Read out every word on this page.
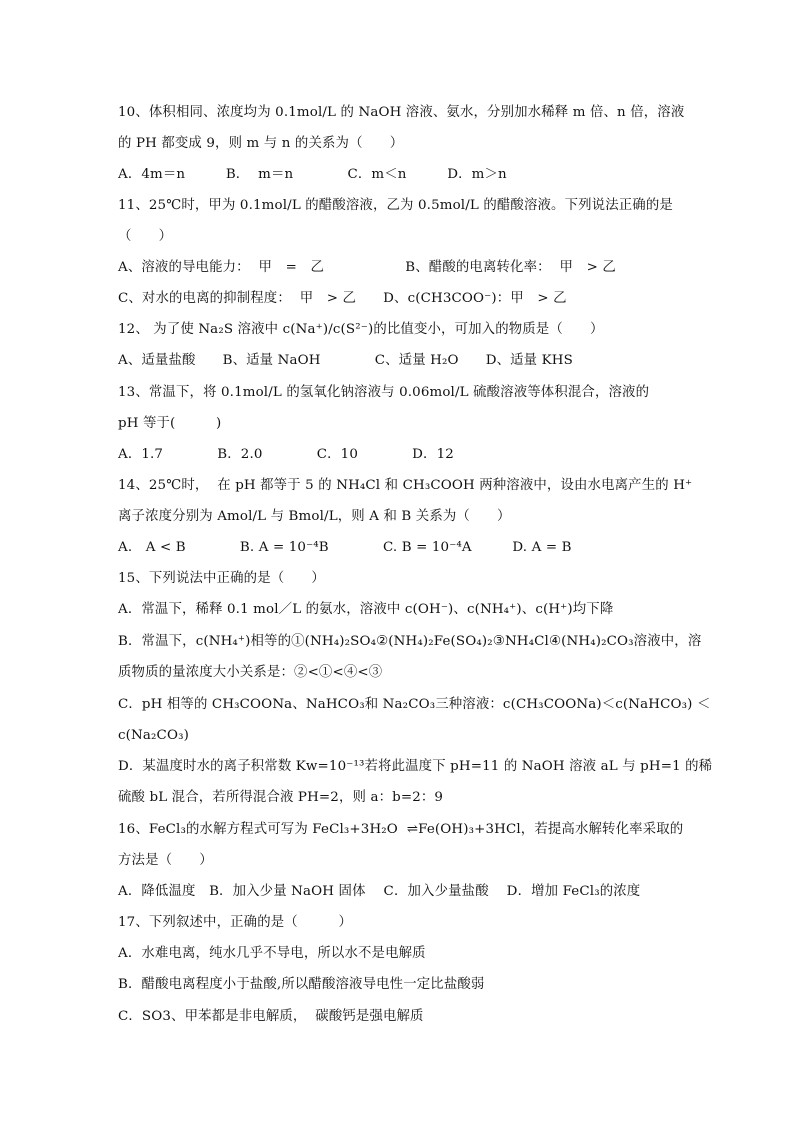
10、体积相同、浓度均为 0.1mol/L 的 NaOH 溶液、氨水，分别加水稀释 m 倍、n 倍，溶液
的 PH 都变成 9，则 m 与 n 的关系为（　　）
A．4m＝n　　　B．  m＝n　　　　C．m＜n　　　D．m＞n
11、25℃时，甲为 0.1mol/L 的醋酸溶液，乙为 0.5mol/L 的醋酸溶液。下列说法正确的是
（　　）
A、溶液的导电能力：  甲　=　乙　　　　　　B、醋酸的电离转化率：  甲　> 乙
C、对水的电离的抑制程度：  甲　> 乙　　D、c(CH3COO⁻)：甲　> 乙
12、 为了使 Na₂S 溶液中 c(Na⁺)/c(S²⁻)的比值变小，可加入的物质是（　　）
A、适量盐酸　　B、适量 NaOH　　　　C、适量 H₂O　　D、适量 KHS
13、常温下，将 0.1mol/L 的氢氧化钠溶液与 0.06mol/L 硫酸溶液等体积混合，溶液的
pH 等于(　　　)
A．1.7　　　　B．2.0　　　　C．10　　　　D．12
14、25℃时，  在 pH 都等于 5 的 NH₄Cl 和 CH₃COOH 两种溶液中，设由水电离产生的 H⁺
离子浓度分别为 Amol/L 与 Bmol/L，则 A 和 B 关系为（　　）
A.　A < B　　　　B. A = 10⁻⁴B　　　　C. B = 10⁻⁴A　　　D. A = B
15、下列说法中正确的是（　　）
A．常温下，稀释 0.1 mol／L 的氨水，溶液中 c(OH⁻)、c(NH₄⁺)、c(H⁺)均下降
B．常温下，c(NH₄⁺)相等的①(NH₄)₂SO₄②(NH₄)₂Fe(SO₄)₂③NH₄Cl④(NH₄)₂CO₃溶液中，溶
质物质的量浓度大小关系是：②<①<④<③
C．pH 相等的 CH₃COONa、NaHCO₃和 Na₂CO₃三种溶液：c(CH₃COONa)＜c(NaHCO₃) ＜
c(Na₂CO₃)
D．某温度时水的离子积常数 Kw=10⁻¹³若将此温度下 pH=11 的 NaOH 溶液 aL 与 pH=1 的稀
硫酸 bL 混合，若所得混合液 PH=2，则 a：b=2：9
16、FeCl₃的水解方程式可写为 FeCl₃+3H₂O  ⇌Fe(OH)₃+3HCl，若提高水解转化率采取的
方法是（　　）
A．降低温度　B．加入少量 NaOH 固体　 C．加入少量盐酸　 D．增加 FeCl₃的浓度
17、下列叙述中，正确的是（　　　）
A．水难电离，纯水几乎不导电，所以水不是电解质
B．醋酸电离程度小于盐酸,所以醋酸溶液导电性一定比盐酸弱
C．SO3、甲苯都是非电解质，  碳酸钙是强电解质
